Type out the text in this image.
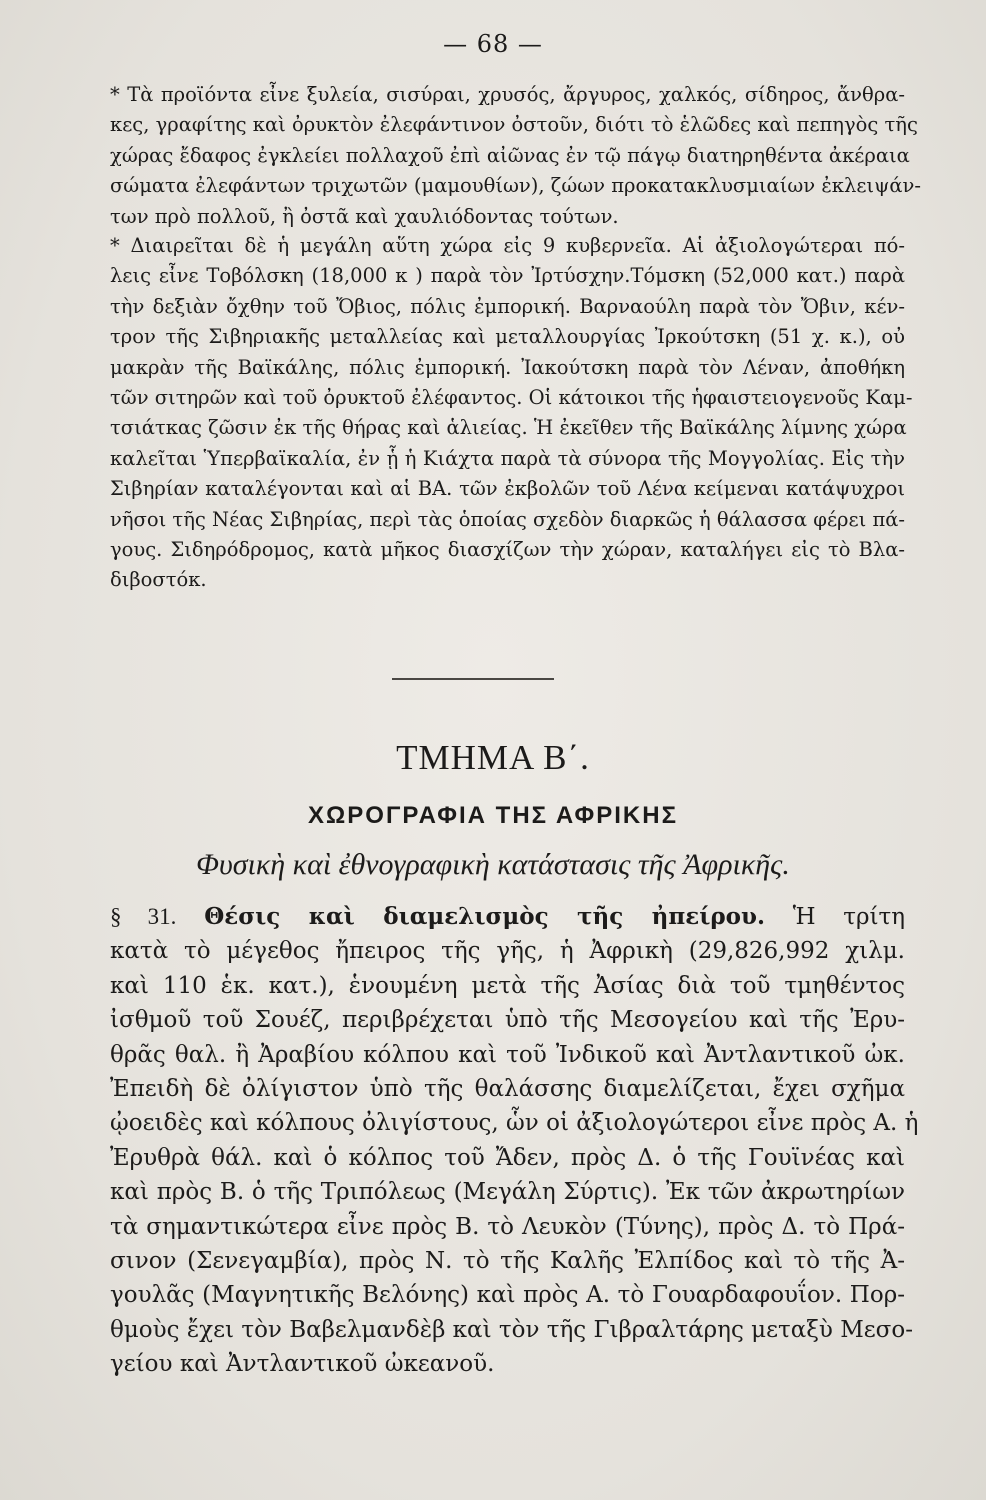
— 68 —
* Τὰ προϊόντα εἶνε ξυλεία, σισύραι, χρυσός, ἄργυρος, χαλκός, σίδηρος, ἄνθρα-
κες, γραφίτης καὶ ὀρυκτὸν ἐλεφάντινον ὀστοῦν, διότι τὸ ἑλῶδες καὶ πεπηγὸς τῆς
χώρας ἔδαφος ἐγκλείει πολλαχοῦ ἐπὶ αἰῶνας ἐν τῷ πάγῳ διατηρηθέντα ἀκέραια
σώματα ἐλεφάντων τριχωτῶν (μαμουθίων), ζώων προκατακλυσμιαίων ἐκλειψάν-
των πρὸ πολλοῦ, ἢ ὀστᾶ καὶ χαυλιόδοντας τούτων.
* Διαιρεῖται δὲ ἡ μεγάλη αὕτη χώρα εἰς 9 κυβερνεῖα. Αἱ ἀξιολογώτεραι πό-
λεις εἶνε Τοβόλσκη (18,000 κ ) παρὰ τὸν Ἰρτύσχην.Τόμσκη (52,000 κατ.) παρὰ
τὴν δεξιὰν ὄχθην τοῦ Ὄβιος, πόλις ἐμπορική. Βαρναούλη παρὰ τὸν Ὄβιν, κέν-
τρον τῆς Σιβηριακῆς μεταλλείας καὶ μεταλλουργίας Ἰρκούτσκη (51 χ. κ.), οὐ
μακρὰν τῆς Βαϊκάλης, πόλις ἐμπορική. Ἰακούτσκη παρὰ τὸν Λέναν, ἀποθήκη
τῶν σιτηρῶν καὶ τοῦ ὀρυκτοῦ ἐλέφαντος. Οἱ κάτοικοι τῆς ἡφαιστειογενοῦς Καμ-
τσιάτκας ζῶσιν ἐκ τῆς θήρας καὶ ἁλιείας. Ἡ ἐκεῖθεν τῆς Βαϊκάλης λίμνης χώρα
καλεῖται Ὑπερβαϊκαλία, ἐν ᾗ ἡ Κιάχτα παρὰ τὰ σύνορα τῆς Μογγολίας. Εἰς τὴν
Σιβηρίαν καταλέγονται καὶ αἱ ΒΑ. τῶν ἐκβολῶν τοῦ Λένα κείμεναι κατάψυχροι
νῆσοι τῆς Νέας Σιβηρίας, περὶ τὰς ὁποίας σχεδὸν διαρκῶς ἡ θάλασσα φέρει πά-
γους. Σιδηρόδρομος, κατὰ μῆκος διασχίζων τὴν χώραν, καταλήγει εἰς τὸ Βλα-
διβοστόκ.
ΤΜΗΜΑ Β΄.
ΧΩΡΟΓΡΑΦΙΑ ΤΗΣ ΑΦΡΙΚΗΣ
Φυσικὴ καὶ ἐθνογραφικὴ κατάστασις τῆς Ἀφρικῆς.
§ 31. Θέσις καὶ διαμελισμὸς τῆς ἠπείρου. Ἡ τρίτη
κατὰ τὸ μέγεθος ἤπειρος τῆς γῆς, ἡ Ἀφρικὴ (29,826,992 χιλμ.
καὶ 110 ἑκ. κατ.), ἑνουμένη μετὰ τῆς Ἀσίας διὰ τοῦ τμηθέντος
ἰσθμοῦ τοῦ Σουέζ, περιβρέχεται ὑπὸ τῆς Μεσογείου καὶ τῆς Ἐρυ-
θρᾶς θαλ. ἢ Ἀραβίου κόλπου καὶ τοῦ Ἰνδικοῦ καὶ Ἀντλαντικοῦ ὠκ.
Ἐπειδὴ δὲ ὀλίγιστον ὑπὸ τῆς θαλάσσης διαμελίζεται, ἔχει σχῆμα
ᾠοειδὲς καὶ κόλπους ὀλιγίστους, ὧν οἱ ἀξιολογώτεροι εἶνε πρὸς Α. ἡ
Ἐρυθρὰ θάλ. καὶ ὁ κόλπος τοῦ Ἄδεν, πρὸς Δ. ὁ τῆς Γουϊνέας καὶ
καὶ πρὸς Β. ὁ τῆς Τριπόλεως (Μεγάλη Σύρτις). Ἐκ τῶν ἀκρωτηρίων
τὰ σημαντικώτερα εἶνε πρὸς Β. τὸ Λευκὸν (Τύνης), πρὸς Δ. τὸ Πρά-
σινον (Σενεγαμβία), πρὸς Ν. τὸ τῆς Καλῆς Ἐλπίδος καὶ τὸ τῆς Ἀ-
γουλᾶς (Μαγνητικῆς Βελόνης) καὶ πρὸς Α. τὸ Γουαρδαφουΐον. Πορ-
θμοὺς ἔχει τὸν Βαβελμανδὲβ καὶ τὸν τῆς Γιβραλτάρης μεταξὺ Μεσο-
γείου καὶ Ἀντλαντικοῦ ὠκεανοῦ.
